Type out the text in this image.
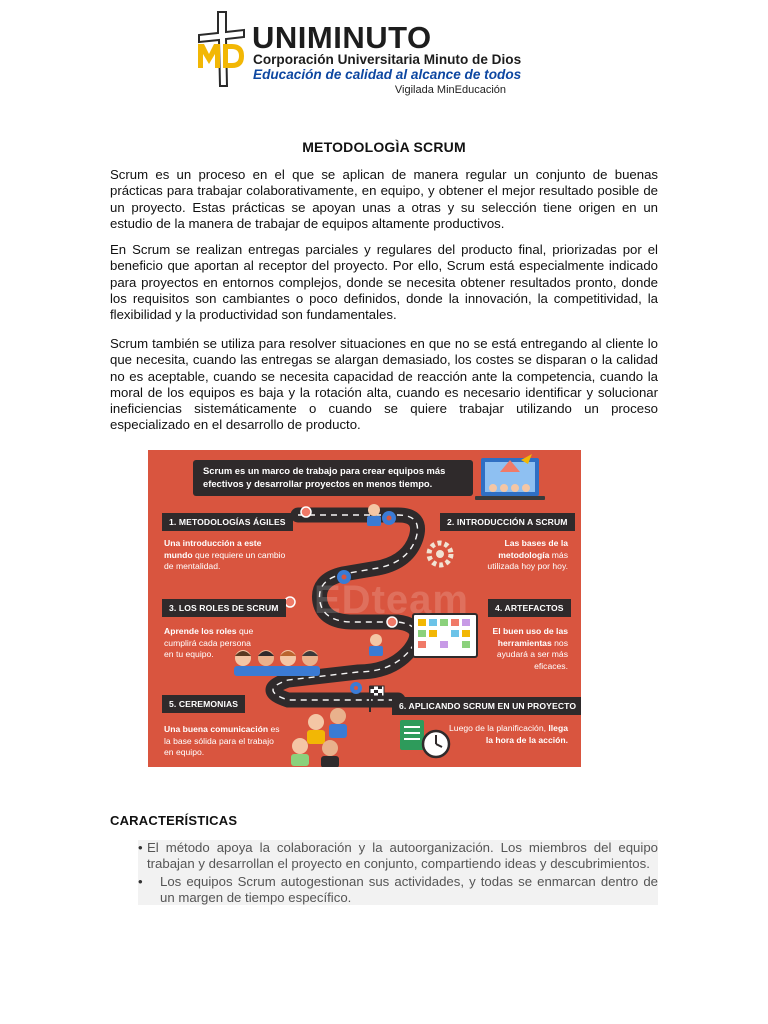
UNIMINUTO
Corporación Universitaria Minuto de Dios
Educación de calidad al alcance de todos
Vigilada MinEducación
METODOLOGÌA SCRUM

Scrum es un proceso en el que se aplican de manera regular un conjunto de buenas prácticas para trabajar colaborativamente, en equipo, y obtener el mejor resultado posible de un proyecto. Estas prácticas se apoyan unas a otras y su selección tiene origen en un estudio de la manera de trabajar de equipos altamente productivos.

En Scrum se realizan entregas parciales y regulares del producto final, priorizadas por el beneficio que aportan al receptor del proyecto. Por ello, Scrum está especialmente indicado para proyectos en entornos complejos, donde se necesita obtener resultados pronto, donde los requisitos son cambiantes o poco definidos, donde la innovación, la competitividad, la flexibilidad y la productividad son fundamentales.

Scrum también se utiliza para resolver situaciones en que no se está entregando al cliente lo que necesita, cuando las entregas se alargan demasiado, los costes se disparan o la calidad no es aceptable, cuando se necesita capacidad de reacción ante la competencia, cuando la moral de los equipos es baja y la rotación alta, cuando es necesario identificar y solucionar ineficiencias sistemáticamente o cuando se quiere trabajar utilizando un proceso especializado en el desarrollo de producto.

EDteam
Scrum es un marco de trabajo para crear equipos más efectivos y desarrollar proyectos en menos tiempo.
1. METODOLOGÍAS ÁGILES
Una introducción a este mundo que requiere un cambio de mentalidad.
2. INTRODUCCIÓN A SCRUM
Las bases de la metodología más utilizada hoy por hoy.
3. LOS ROLES DE SCRUM
Aprende los roles que cumplirá cada persona en tu equipo.
4. ARTEFACTOS
El buen uso de las herramientas nos ayudará a ser más eficaces.
5. CEREMONIAS
Una buena comunicación es la base sólida para el trabajo en equipo.
6. APLICANDO SCRUM EN UN PROYECTO
Luego de la planificación, llega la hora de la acción.
CARACTERÍSTICAS
• El método apoya la colaboración y la autoorganización. Los miembros del equipo trabajan y desarrollan el proyecto en conjunto, compartiendo ideas y descubrimientos.
• Los equipos Scrum autogestionan sus actividades, y todas se enmarcan dentro de un margen de tiempo específico.
